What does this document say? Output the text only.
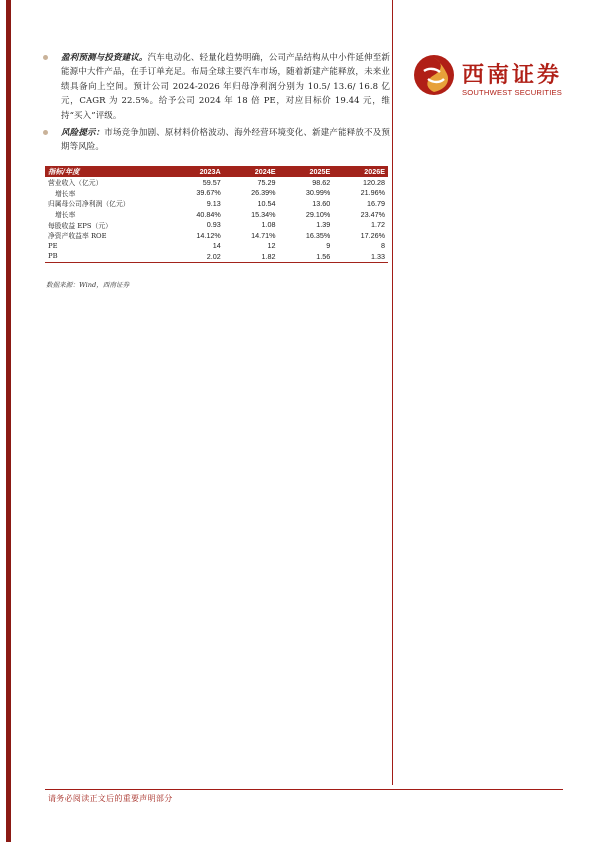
西南证券
SOUTHWEST SECURITIES
盈利预测与投资建议。汽车电动化、轻量化趋势明确，公司产品结构从中小件延伸至新能源中大件产品，在手订单充足。布局全球主要汽车市场，随着新建产能释放，未来业绩具备向上空间。预计公司 2024-2026 年归母净利润分别为 10.5/ 13.6/ 16.8 亿元，CAGR 为 22.5%。给予公司 2024 年 18 倍 PE，对应目标价 19.44 元，维持“买入”评级。
风险提示：市场竞争加剧、原材料价格波动、海外经营环境变化、新建产能释放不及预期等风险。
指标/年度	2023A	2024E	2025E	2026E
营业收入（亿元）	59.57	75.29	98.62	120.28
增长率	39.67%	26.39%	30.99%	21.96%
归属母公司净利润（亿元）	9.13	10.54	13.60	16.79
增长率	40.84%	15.34%	29.10%	23.47%
每股收益 EPS（元）	0.93	1.08	1.39	1.72
净资产收益率 ROE	14.12%	14.71%	16.35%	17.26%
PE	14	12	9	8
PB	2.02	1.82	1.56	1.33
数据来源：Wind，西南证券
请务必阅读正文后的重要声明部分
